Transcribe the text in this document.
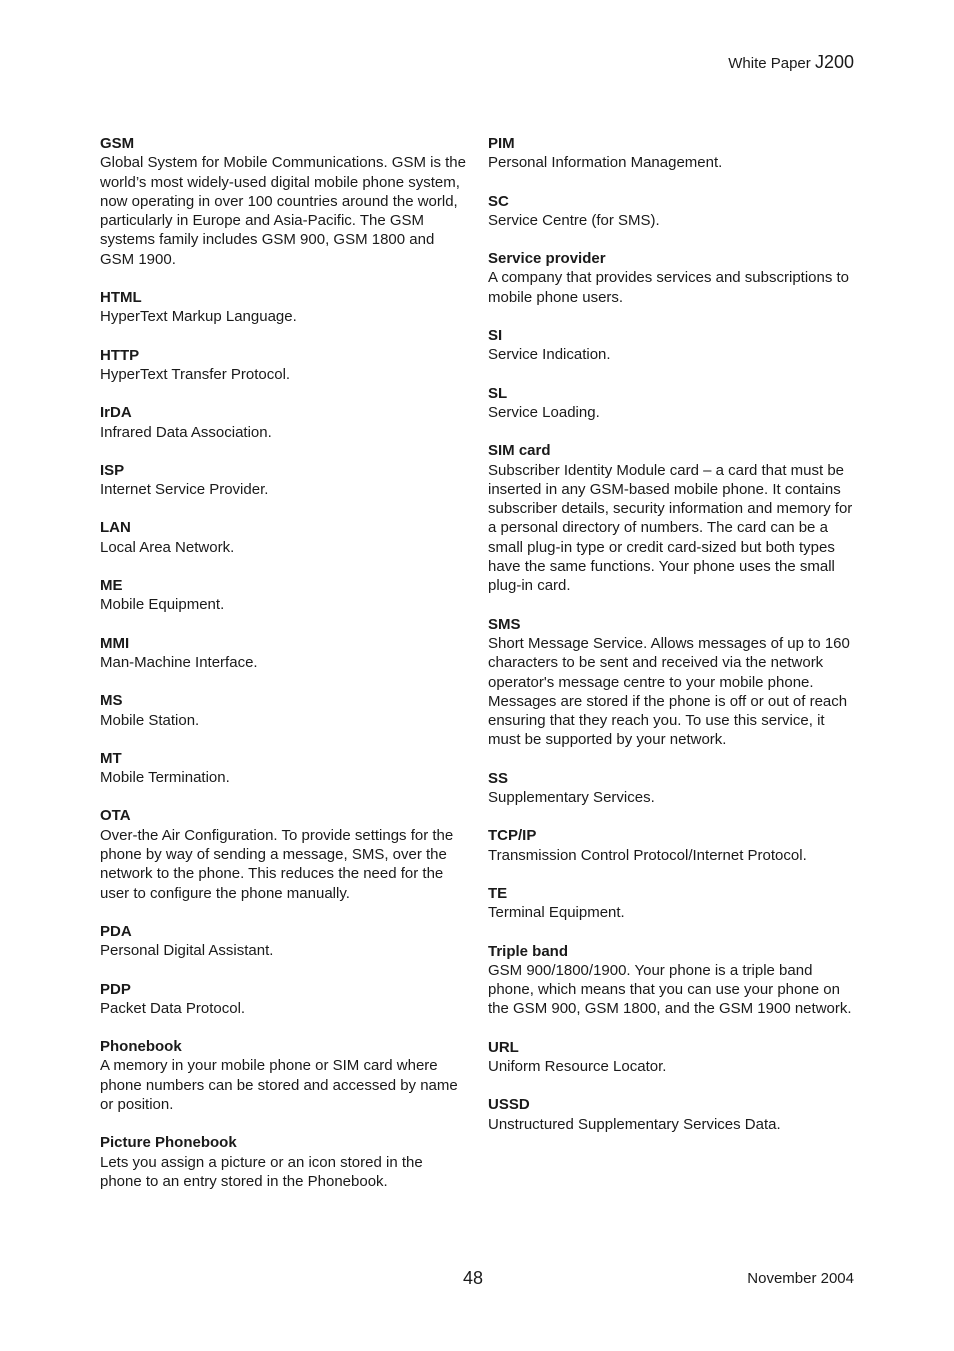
White Paper J200
GSM
Global System for Mobile Communications. GSM is the world’s most widely-used digital mobile phone system, now operating in over 100 countries around the world, particularly in Europe and Asia-Pacific. The GSM systems family includes GSM 900, GSM 1800 and GSM 1900.
HTML
HyperText Markup Language.
HTTP
HyperText Transfer Protocol.
IrDA
Infrared Data Association.
ISP
Internet Service Provider.
LAN
Local Area Network.
ME
Mobile Equipment.
MMI
Man-Machine Interface.
MS
Mobile Station.
MT
Mobile Termination.
OTA
Over-the Air Configuration. To provide settings for the phone by way of sending a message, SMS, over the network to the phone. This reduces the need for the user to configure the phone manually.
PDA
Personal Digital Assistant.
PDP
Packet Data Protocol.
Phonebook
A memory in your mobile phone or SIM card where phone numbers can be stored and accessed by name or position.
Picture Phonebook
Lets you assign a picture or an icon stored in the phone to an entry stored in the Phonebook.
PIM
Personal Information Management.
SC
Service Centre (for SMS).
Service provider
A company that provides services and subscriptions to mobile phone users.
SI
Service Indication.
SL
Service Loading.
SIM card
Subscriber Identity Module card – a card that must be inserted in any GSM-based mobile phone. It contains subscriber details, security information and memory for a personal directory of numbers. The card can be a small plug-in type or credit card-sized but both types have the same functions. Your phone uses the small plug-in card.
SMS
Short Message Service. Allows messages of up to 160 characters to be sent and received via the network operator's message centre to your mobile phone. Messages are stored if the phone is off or out of reach ensuring that they reach you. To use this service, it must be supported by your network.
SS
Supplementary Services.
TCP/IP
Transmission Control Protocol/Internet Protocol.
TE
Terminal Equipment.
Triple band
GSM 900/1800/1900. Your phone is a triple band phone, which means that you can use your phone on the GSM 900, GSM 1800, and the GSM 1900 network.
URL
Uniform Resource Locator.
USSD
Unstructured Supplementary Services Data.
48	November 2004
